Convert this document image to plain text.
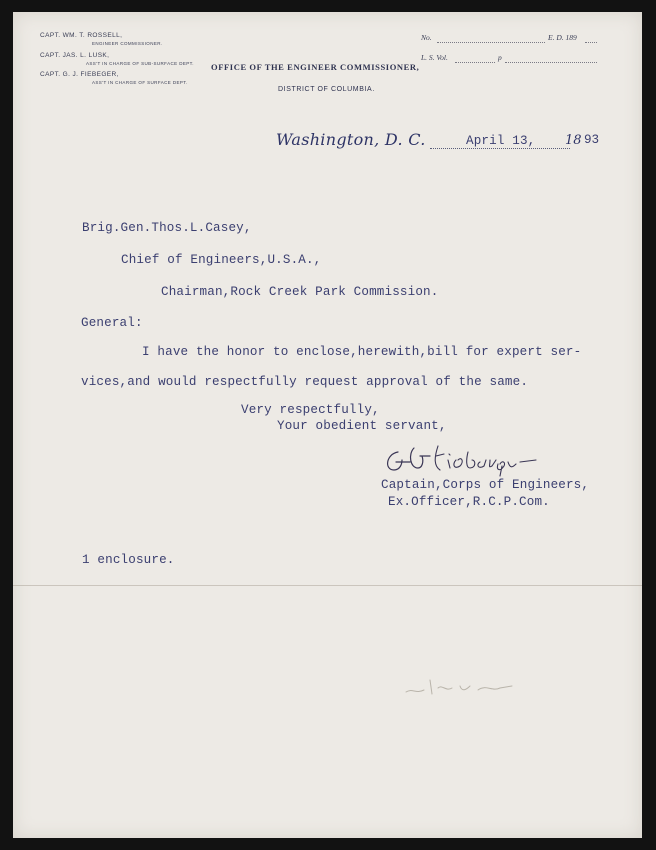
CAPT. WM. T. ROSSELL,
ENGINEER COMMISSIONER.
CAPT. JAS. L. LUSK,
ASS'T IN CHARGE OF SUB-SURFACE DEPT.
CAPT. G. J. FIEBEGER,
ASS'T IN CHARGE OF SURFACE DEPT.
No.	E. D. 189
L. S. Vol.	p
OFFICE OF THE ENGINEER COMMISSIONER,
DISTRICT OF COLUMBIA.
Washington, D. C.	April 13, 18 93
Brig.Gen.Thos.L.Casey,
Chief of Engineers,U.S.A.,
Chairman,Rock Creek Park Commission.
General:
I have the honor to enclose,herewith,bill for expert ser-
vices,and would respectfully request approval of the same.
Very respectfully,
Your obedient servant,
Captain,Corps of Engineers,
Ex.Officer,R.C.P.Com.
1 enclosure.
